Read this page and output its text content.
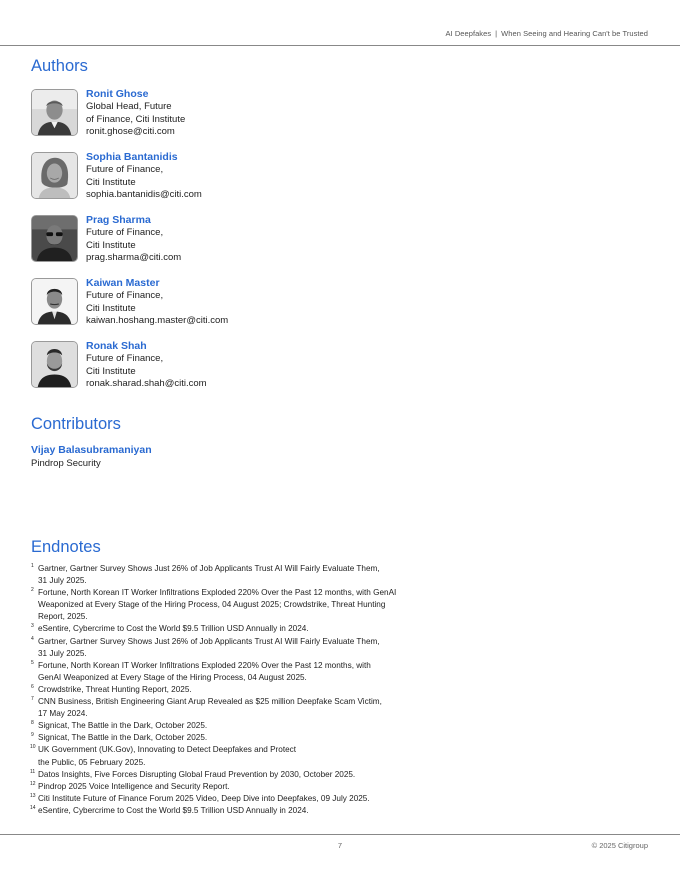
AI Deepfakes | When Seeing and Hearing Can't be Trusted
Authors
Ronit Ghose
Global Head, Future
of Finance, Citi Institute
ronit.ghose@citi.com
Sophia Bantanidis
Future of Finance,
Citi Institute
sophia.bantanidis@citi.com
Prag Sharma
Future of Finance,
Citi Institute
prag.sharma@citi.com
Kaiwan Master
Future of Finance,
Citi Institute
kaiwan.hoshang.master@citi.com
Ronak Shah
Future of Finance,
Citi Institute
ronak.sharad.shah@citi.com
Contributors
Vijay Balasubramaniyan
Pindrop Security
Endnotes
1 Gartner, Gartner Survey Shows Just 26% of Job Applicants Trust AI Will Fairly Evaluate Them,
31 July 2025.
2 Fortune, North Korean IT Worker Infiltrations Exploded 220% Over the Past 12 months, with GenAI
Weaponized at Every Stage of the Hiring Process, 04 August 2025; Crowdstrike, Threat Hunting
Report, 2025.
3 eSentire, Cybercrime to Cost the World $9.5 Trillion USD Annually in 2024.
4 Gartner, Gartner Survey Shows Just 26% of Job Applicants Trust AI Will Fairly Evaluate Them,
31 July 2025.
5 Fortune, North Korean IT Worker Infiltrations Exploded 220% Over the Past 12 months, with
GenAI Weaponized at Every Stage of the Hiring Process, 04 August 2025.
6 Crowdstrike, Threat Hunting Report, 2025.
7 CNN Business, British Engineering Giant Arup Revealed as $25 million Deepfake Scam Victim,
17 May 2024.
8 Signicat, The Battle in the Dark, October 2025.
9 Signicat, The Battle in the Dark, October 2025.
10 UK Government (UK.Gov), Innovating to Detect Deepfakes and Protect
the Public, 05 February 2025.
11 Datos Insights, Five Forces Disrupting Global Fraud Prevention by 2030, October 2025.
12 Pindrop 2025 Voice Intelligence and Security Report.
13 Citi Institute Future of Finance Forum 2025 Video, Deep Dive into Deepfakes, 09 July 2025.
14 eSentire, Cybercrime to Cost the World $9.5 Trillion USD Annually in 2024.
7	© 2025 Citigroup
